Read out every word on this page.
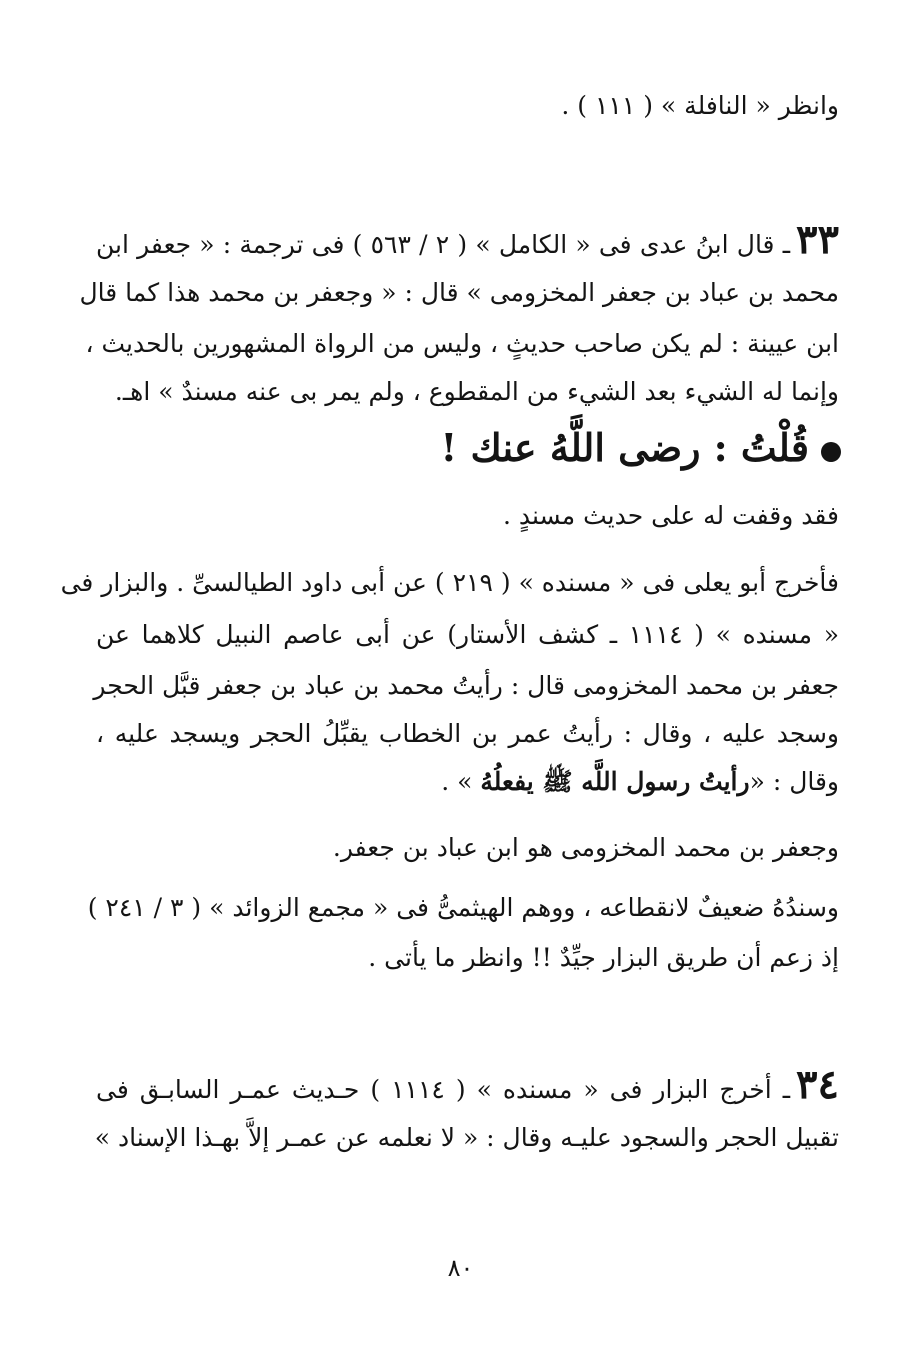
وانظر « النافلة » ( ١١١ ) .
٣٣ـ قال ابنُ عدى فى « الكامل » ( ٢ / ٥٦٣ ) فى ترجمة : « جعفر ابن
محمد بن عباد بن جعفر المخزومى » قال : « وجعفر بن محمد هذا كما قال
ابن عيينة : لم يكن صاحب حديثٍ ، وليس من الرواة المشهورين بالحديث ،
وإنما له الشيء بعد الشيء من المقطوع ، ولم يمر بى عنه مسندٌ » اهـ.
قُلْتُ : رضى اللَّهُ عنك !
فقد وقفت له على حديث مسندٍ .
فأخرج أبو يعلى فى « مسنده » ( ٢١٩ ) عن أبى داود الطيالسىِّ . والبزار فى
« مسنده » ( ١١١٤ ـ كشف الأستار) عن أبى عاصم النبيل كلاهما عن
جعفر بن محمد المخزومى قال : رأيتُ محمد بن عباد بن جعفر قبَّل الحجر
وسجد عليه ، وقال : رأيتُ عمر بن الخطاب يقبِّلُ الحجر ويسجد عليه ،
وقال : «رأيتُ رسول اللَّه ﷺ يفعلُهُ » .
وجعفر بن محمد المخزومى هو ابن عباد بن جعفر.
وسندُهُ ضعيفٌ لانقطاعه ، ووهم الهيثمىُّ فى « مجمع الزوائد » ( ٣ / ٢٤١ )
إذ زعم أن طريق البزار جيِّدٌ !! وانظر ما يأتى .
٣٤ـ أخرج البزار فى « مسنده » ( ١١١٤ ) حـديث عمـر السابـق فى
تقبيل الحجر والسجود عليـه وقال : « لا نعلمه عن عمـر إلاَّ بهـذا الإسناد »
٨٠
